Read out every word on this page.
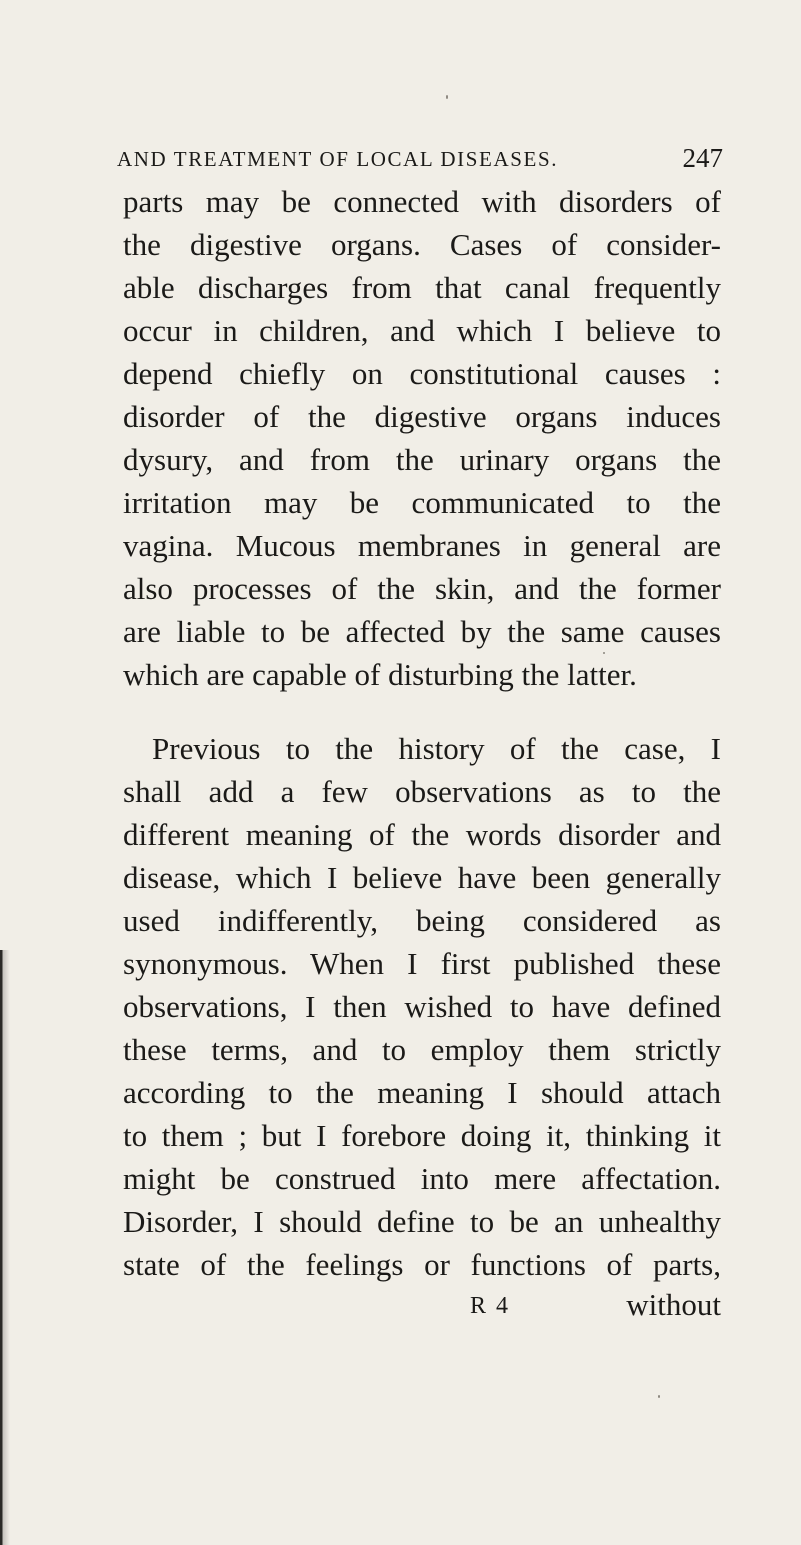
AND TREATMENT OF LOCAL DISEASES.	247
parts may be connected with disorders of
the digestive organs. Cases of consider-
able discharges from that canal frequently
occur in children, and which I believe to
depend chiefly on constitutional causes :
disorder of the digestive organs induces
dysury, and from the urinary organs the
irritation may be communicated to the
vagina. Mucous membranes in general are
also processes of the skin, and the former
are liable to be affected by the same causes
which are capable of disturbing the latter.
Previous to the history of the case, I
shall add a few observations as to the
different meaning of the words disorder and
disease, which I believe have been generally
used indifferently, being considered as
synonymous. When I first published these
observations, I then wished to have defined
these terms, and to employ them strictly
according to the meaning I should attach
to them ; but I forebore doing it, thinking it
might be construed into mere affectation.
Disorder, I should define to be an unhealthy
state of the feelings or functions of parts,
R 4	without
